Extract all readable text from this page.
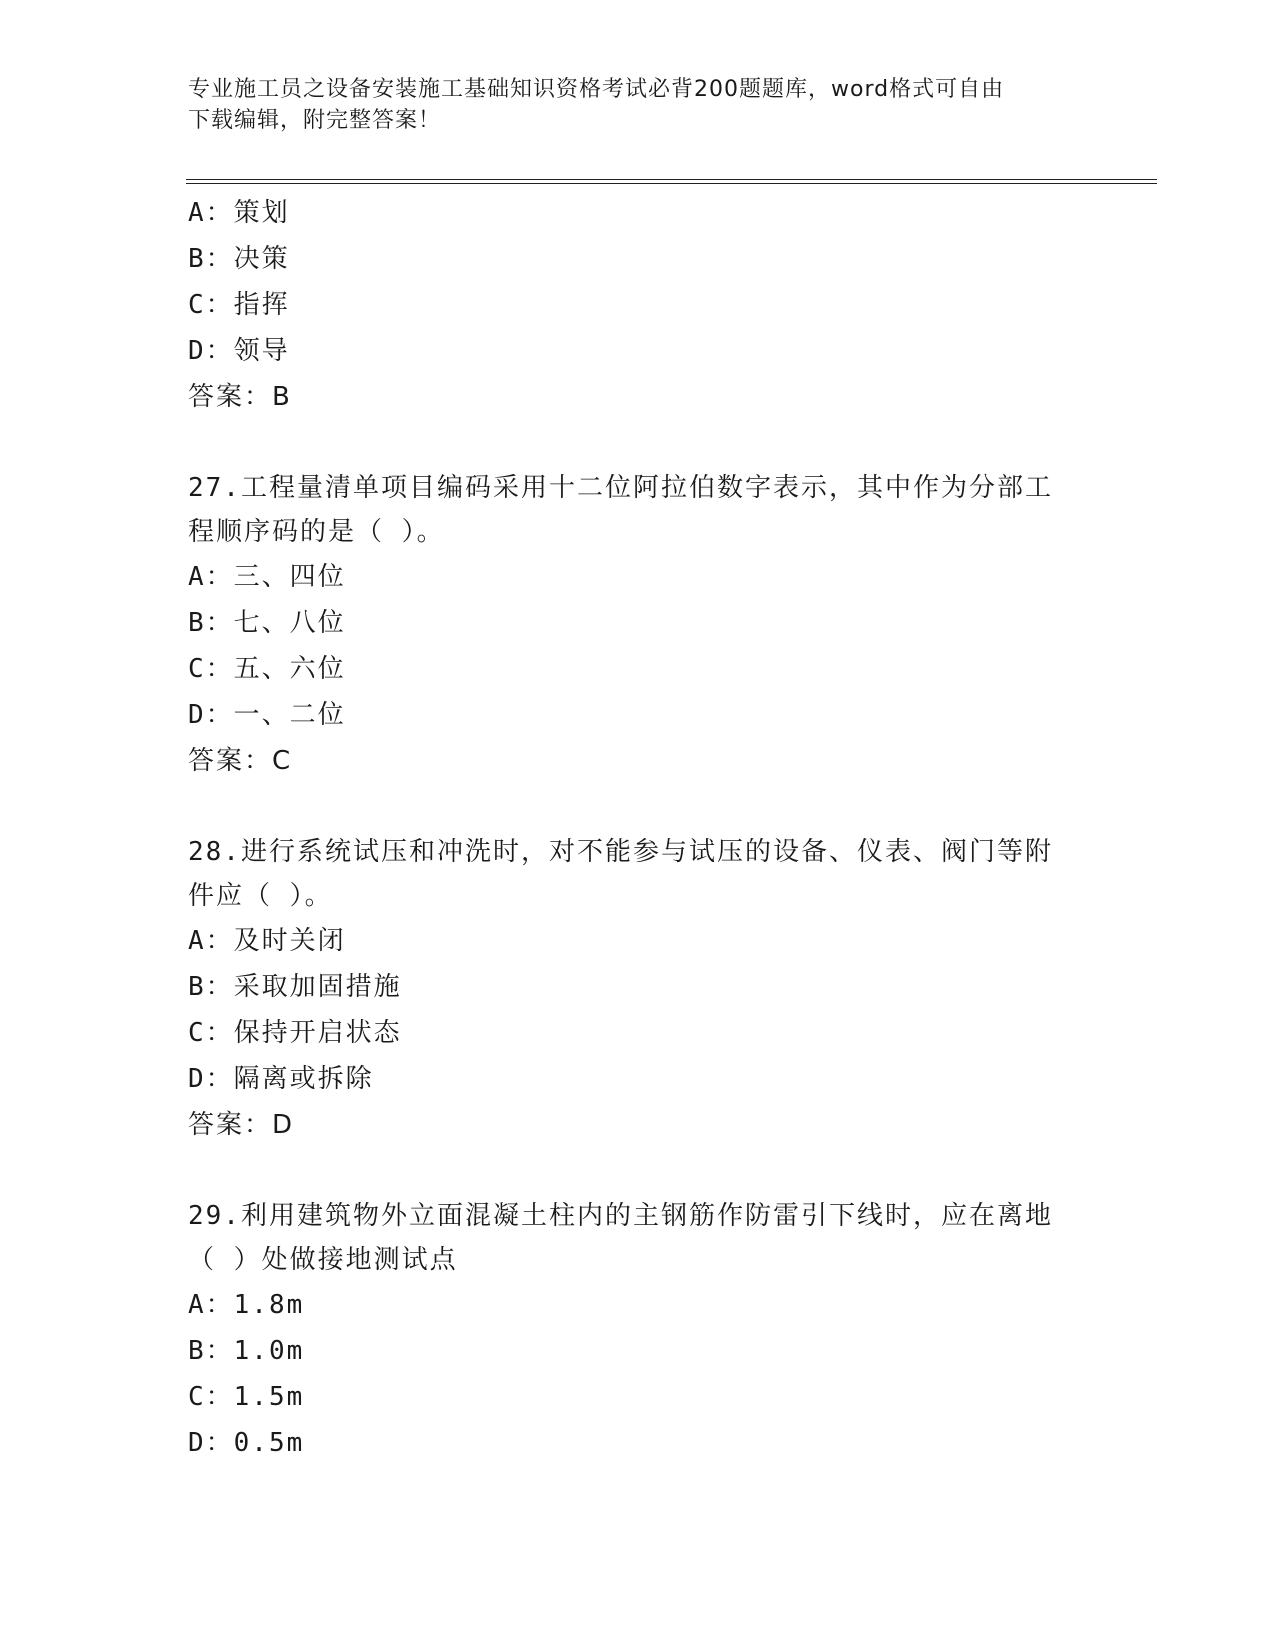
专业施工员之设备安装施工基础知识资格考试必背200题题库，word格式可自由
下载编辑，附完整答案！
A：策划
B：决策
C：指挥
D：领导
答案：B
27.工程量清单项目编码采用十二位阿拉伯数字表示，其中作为分部工
程顺序码的是（ ）。
A：三、四位
B：七、八位
C：五、六位
D：一、二位
答案：C
28.进行系统试压和冲洗时，对不能参与试压的设备、仪表、阀门等附
件应（ ）。
A：及时关闭
B：采取加固措施
C：保持开启状态
D：隔离或拆除
答案：D
29.利用建筑物外立面混凝土柱内的主钢筋作防雷引下线时，应在离地
（ ）处做接地测试点
A：1.8m
B：1.0m
C：1.5m
D：0.5m
